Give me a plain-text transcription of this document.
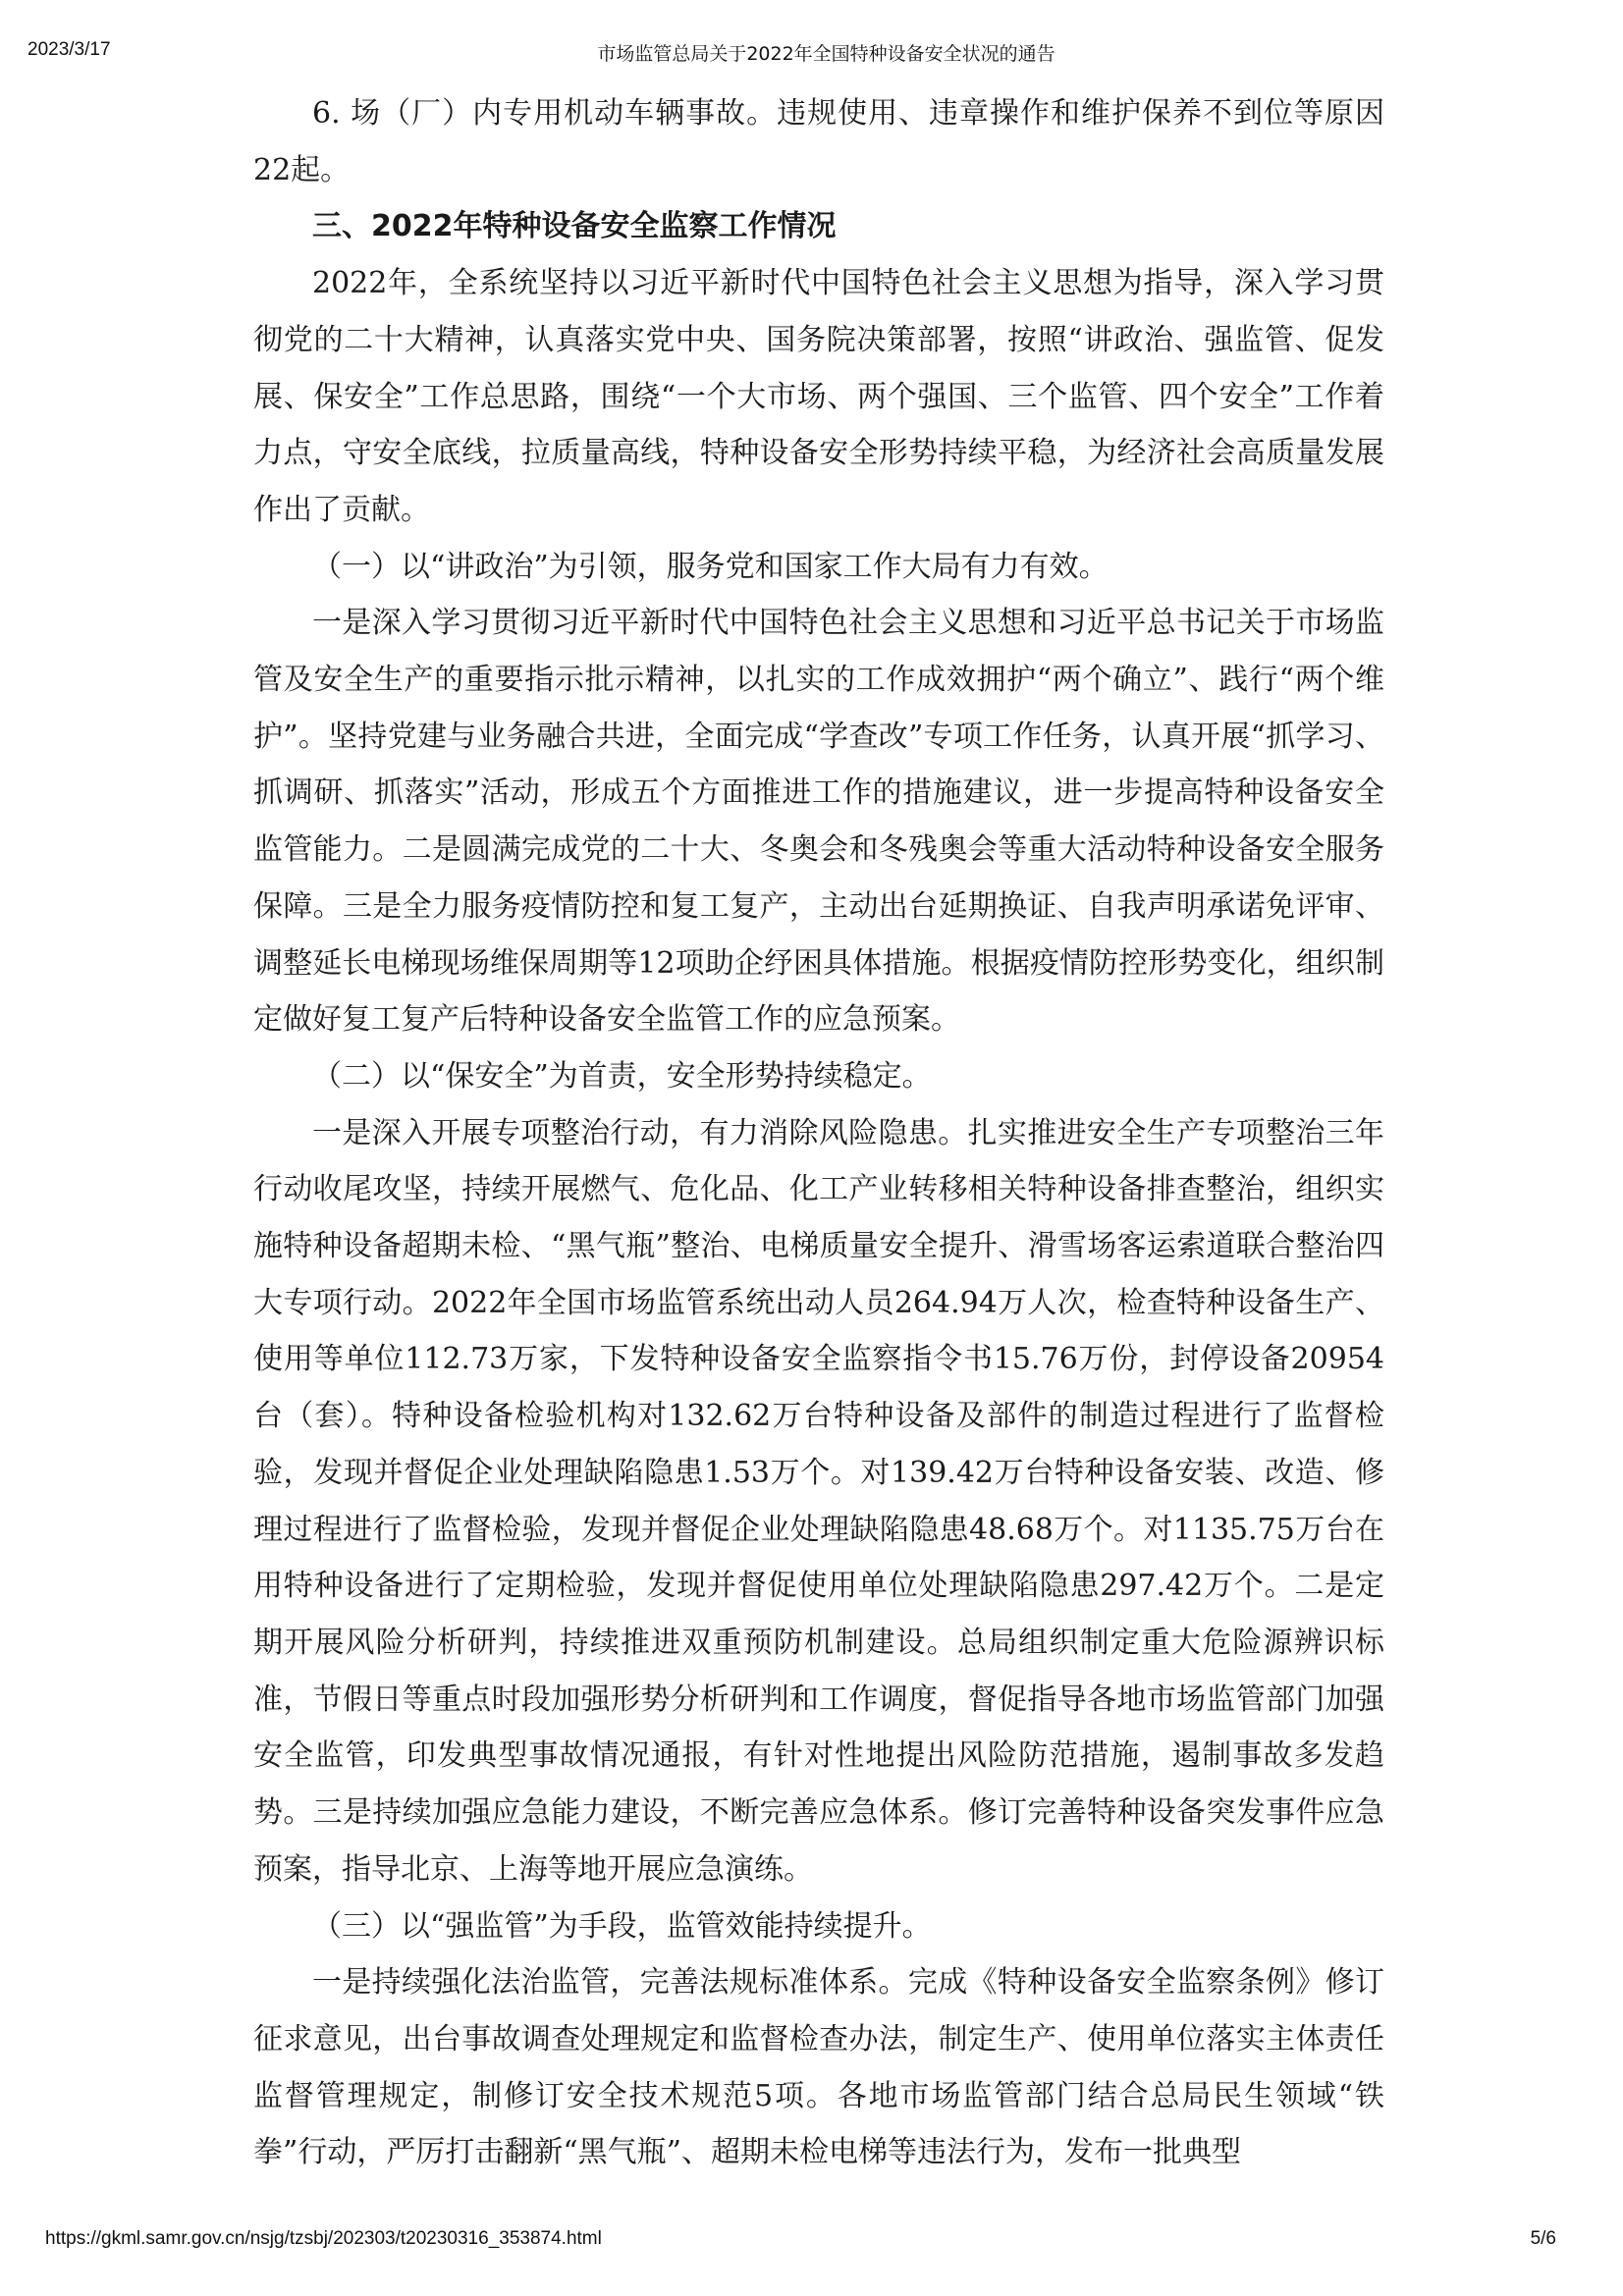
2023/3/17	市场监管总局关于2022年全国特种设备安全状况的通告

6. 场（厂）内专用机动车辆事故。违规使用、违章操作和维护保养不到位等原因22起。

三、2022年特种设备安全监察工作情况

2022年，全系统坚持以习近平新时代中国特色社会主义思想为指导，深入学习贯彻党的二十大精神，认真落实党中央、国务院决策部署，按照“讲政治、强监管、促发展、保安全”工作总思路，围绕“一个大市场、两个强国、三个监管、四个安全”工作着力点，守安全底线，拉质量高线，特种设备安全形势持续平稳，为经济社会高质量发展作出了贡献。

（一）以“讲政治”为引领，服务党和国家工作大局有力有效。

一是深入学习贯彻习近平新时代中国特色社会主义思想和习近平总书记关于市场监管及安全生产的重要指示批示精神，以扎实的工作成效拥护“两个确立”、践行“两个维护”。坚持党建与业务融合共进，全面完成“学查改”专项工作任务，认真开展“抓学习、抓调研、抓落实”活动，形成五个方面推进工作的措施建议，进一步提高特种设备安全监管能力。二是圆满完成党的二十大、冬奥会和冬残奥会等重大活动特种设备安全服务保障。三是全力服务疫情防控和复工复产，主动出台延期换证、自我声明承诺免评审、调整延长电梯现场维保周期等12项助企纾困具体措施。根据疫情防控形势变化，组织制定做好复工复产后特种设备安全监管工作的应急预案。

（二）以“保安全”为首责，安全形势持续稳定。

一是深入开展专项整治行动，有力消除风险隐患。扎实推进安全生产专项整治三年行动收尾攻坚，持续开展燃气、危化品、化工产业转移相关特种设备排查整治，组织实施特种设备超期未检、“黑气瓶”整治、电梯质量安全提升、滑雪场客运索道联合整治四大专项行动。2022年全国市场监管系统出动人员264.94万人次，检查特种设备生产、使用等单位112.73万家，下发特种设备安全监察指令书15.76万份，封停设备20954台（套）。特种设备检验机构对132.62万台特种设备及部件的制造过程进行了监督检验，发现并督促企业处理缺陷隐患1.53万个。对139.42万台特种设备安装、改造、修理过程进行了监督检验，发现并督促企业处理缺陷隐患48.68万个。对1135.75万台在用特种设备进行了定期检验，发现并督促使用单位处理缺陷隐患297.42万个。二是定期开展风险分析研判，持续推进双重预防机制建设。总局组织制定重大危险源辨识标准，节假日等重点时段加强形势分析研判和工作调度，督促指导各地市场监管部门加强安全监管，印发典型事故情况通报，有针对性地提出风险防范措施，遏制事故多发趋势。三是持续加强应急能力建设，不断完善应急体系。修订完善特种设备突发事件应急预案，指导北京、上海等地开展应急演练。

（三）以“强监管”为手段，监管效能持续提升。

一是持续强化法治监管，完善法规标准体系。完成《特种设备安全监察条例》修订征求意见，出台事故调查处理规定和监督检查办法，制定生产、使用单位落实主体责任监督管理规定，制修订安全技术规范5项。各地市场监管部门结合总局民生领域“铁拳”行动，严厉打击翻新“黑气瓶”、超期未检电梯等违法行为，发布一批典型

https://gkml.samr.gov.cn/nsjg/tzsbj/202303/t20230316_353874.html	5/6
